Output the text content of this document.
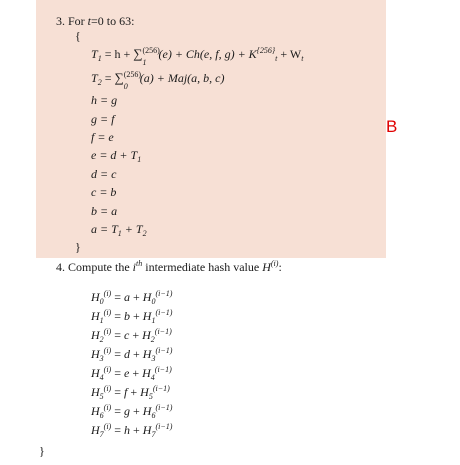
3. For t=0 to 63:
{
$T_1 = h$ + ∑ (256)
1
(e) + Ch(e, f, $g) + K^{\{256\}}_t + W_t$
$T_2$ = ∑ (256)
0
(a) + Maj(a, b, c)
h = g
g = f
f = e
$e = d + T_1$
d = c
c = b
b = a
$a = T_1 + T_2$
}
4. Compute the $i^{th}$ intermediate hash value $H^{(i)}$:
$H_0^{(i)} = a + H_0^{(i-1)}$
$H_1^{(i)} = b + H_1^{(i-1)}$
$H_2^{(i)} = c + H_2^{(i-1)}$
$H_3^{(i)} = d + H_3^{(i-1)}$
$H_4^{(i)} = e + H_4^{(i-1)}$
$H_5^{(i)} = f + H_5^{(i-1)}$
$H_6^{(i)} = g + H_6^{(i-1)}$
$H_7^{(i)} = h + H_7^{(i-1)}$
}
B
